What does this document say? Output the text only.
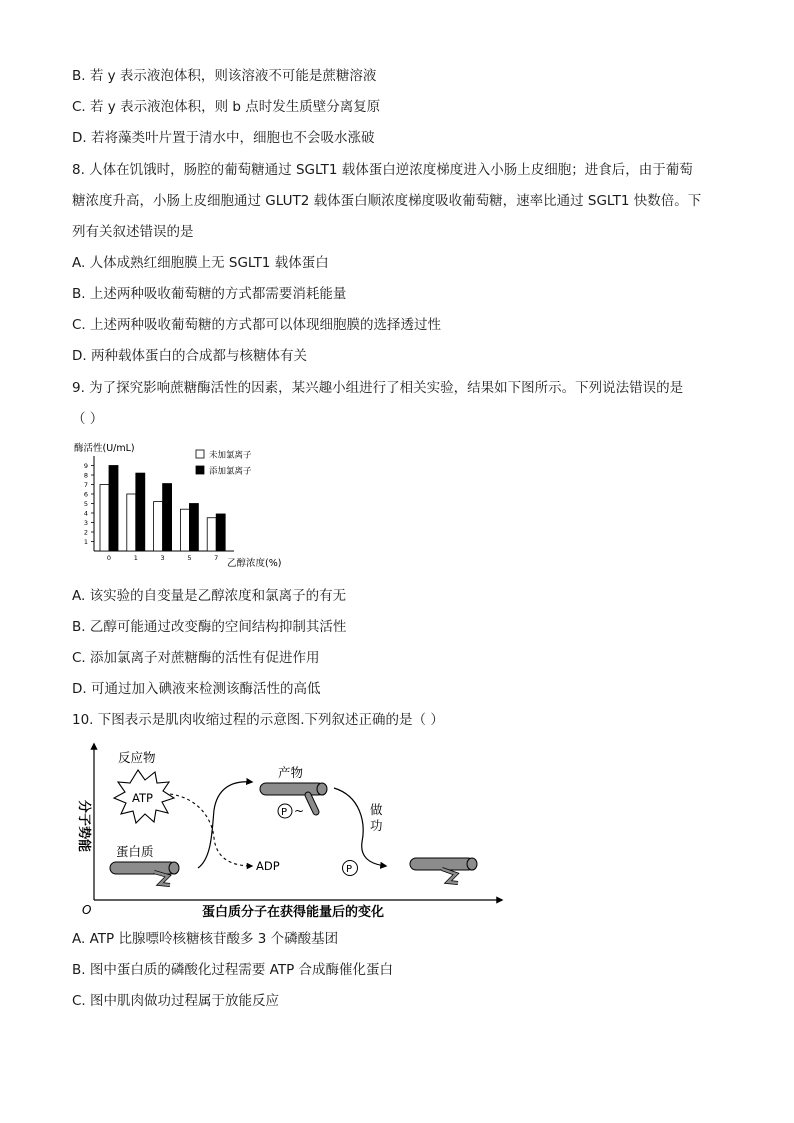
B. 若 y 表示液泡体积，则该溶液不可能是蔗糖溶液
C. 若 y 表示液泡体积，则 b 点时发生质壁分离复原
D. 若将藻类叶片置于清水中，细胞也不会吸水涨破
8. 人体在饥饿时，肠腔的葡萄糖通过 SGLT1 载体蛋白逆浓度梯度进入小肠上皮细胞；进食后，由于葡萄
糖浓度升高，小肠上皮细胞通过 GLUT2 载体蛋白顺浓度梯度吸收葡萄糖，速率比通过 SGLT1 快数倍。下
列有关叙述错误的是
A. 人体成熟红细胞膜上无 SGLT1 载体蛋白
B. 上述两种吸收葡萄糖的方式都需要消耗能量
C. 上述两种吸收葡萄糖的方式都可以体现细胞膜的选择透过性
D. 两种载体蛋白的合成都与核糖体有关
9. 为了探究影响蔗糖酶活性的因素，某兴趣小组进行了相关实验，结果如下图所示。下列说法错误的是
（ ）
酶活性(U/mL)
1
2
3
4
5
6
7
8
9
0	1	3	5	7 乙醇浓度(%)
未加氯离子
添加氯离子
A. 该实验的自变量是乙醇浓度和氯离子的有无
B. 乙醇可能通过改变酶的空间结构抑制其活性
C. 添加氯离子对蔗糖酶的活性有促进作用
D. 可通过加入碘液来检测该酶活性的高低
10. 下图表示是肌肉收缩过程的示意图.下列叙述正确的是（ ）
O
分子势能
蛋白质分子在获得能量后的变化
反应物
ATP
ADP
蛋白质
产物
P ~	做
功
P
A. ATP 比腺嘌呤核糖核苷酸多 3 个磷酸基团
B. 图中蛋白质的磷酸化过程需要 ATP 合成酶催化蛋白
C. 图中肌肉做功过程属于放能反应
